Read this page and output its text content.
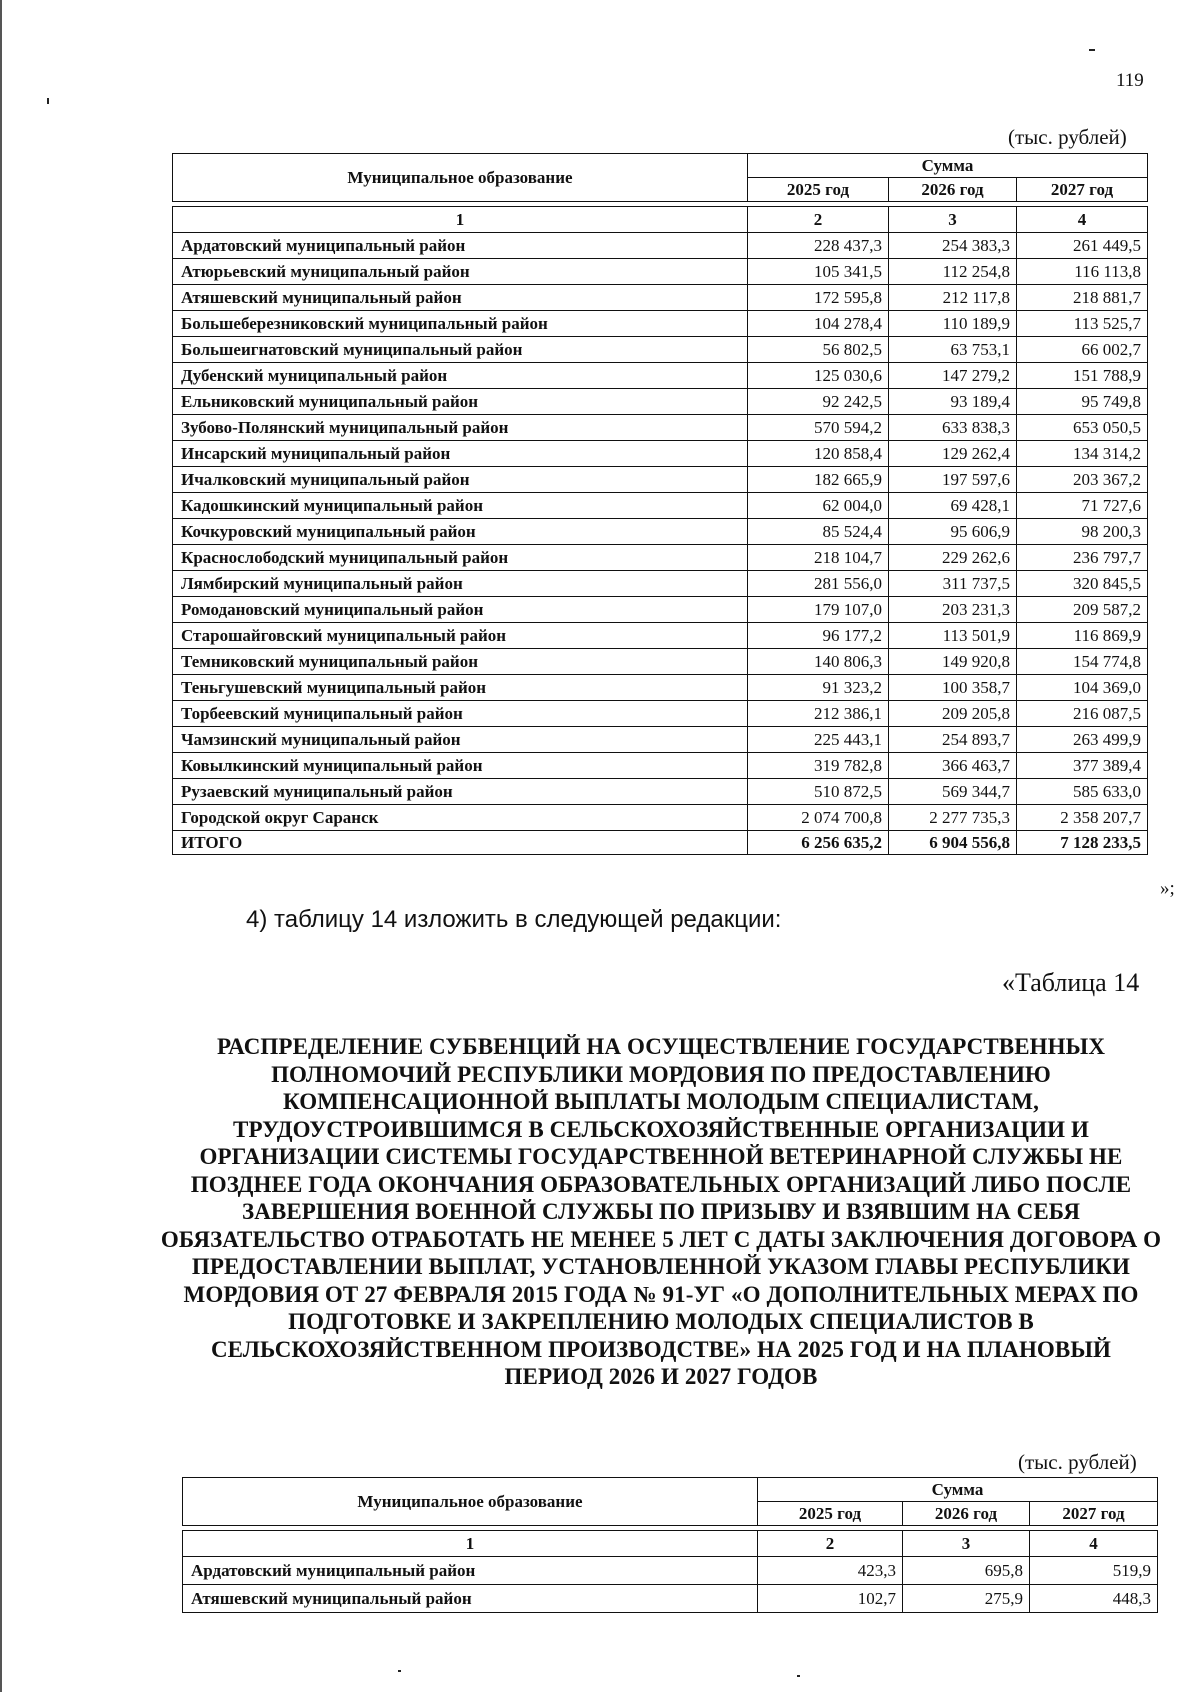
119
(тыс. рублей)
Муниципальное образование	Сумма		
	2025 год	2026 год	2027 год

1	2	3	4
Ардатовский муниципальный район	228 437,3	254 383,3	261 449,5
Атюрьевский муниципальный район	105 341,5	112 254,8	116 113,8
Атяшевский муниципальный район	172 595,8	212 117,8	218 881,7
Большеберезниковский муниципальный район	104 278,4	110 189,9	113 525,7
Большеигнатовский муниципальный район	56 802,5	63 753,1	66 002,7
Дубенский муниципальный район	125 030,6	147 279,2	151 788,9
Ельниковский муниципальный район	92 242,5	93 189,4	95 749,8
Зубово-Полянский муниципальный район	570 594,2	633 838,3	653 050,5
Инсарский муниципальный район	120 858,4	129 262,4	134 314,2
Ичалковский муниципальный район	182 665,9	197 597,6	203 367,2
Кадошкинский муниципальный район	62 004,0	69 428,1	71 727,6
Кочкуровский муниципальный район	85 524,4	95 606,9	98 200,3
Краснослободский муниципальный район	218 104,7	229 262,6	236 797,7
Лямбирский муниципальный район	281 556,0	311 737,5	320 845,5
Ромодановский муниципальный район	179 107,0	203 231,3	209 587,2
Старошайговский муниципальный район	96 177,2	113 501,9	116 869,9
Темниковский муниципальный район	140 806,3	149 920,8	154 774,8
Теньгушевский муниципальный район	91 323,2	100 358,7	104 369,0
Торбеевский муниципальный район	212 386,1	209 205,8	216 087,5
Чамзинский муниципальный район	225 443,1	254 893,7	263 499,9
Ковылкинский муниципальный район	319 782,8	366 463,7	377 389,4
Рузаевский муниципальный район	510 872,5	569 344,7	585 633,0
Городской округ Саранск	2 074 700,8	2 277 735,3	2 358 207,7
ИТОГО	6 256 635,2	6 904 556,8	7 128 233,5
»;
4) таблицу 14 изложить в следующей редакции:
«Таблица 14
РАСПРЕДЕЛЕНИЕ СУБВЕНЦИЙ НА ОСУЩЕСТВЛЕНИЕ ГОСУДАРСТВЕННЫХ ПОЛНОМОЧИЙ РЕСПУБЛИКИ МОРДОВИЯ ПО ПРЕДОСТАВЛЕНИЮ КОМПЕНСАЦИОННОЙ ВЫПЛАТЫ МОЛОДЫМ СПЕЦИАЛИСТАМ, ТРУДОУСТРОИВШИМСЯ В СЕЛЬСКОХОЗЯЙСТВЕННЫЕ ОРГАНИЗАЦИИ И ОРГАНИЗАЦИИ СИСТЕМЫ ГОСУДАРСТВЕННОЙ ВЕТЕРИНАРНОЙ СЛУЖБЫ НЕ ПОЗДНЕЕ ГОДА ОКОНЧАНИЯ ОБРАЗОВАТЕЛЬНЫХ ОРГАНИЗАЦИЙ ЛИБО ПОСЛЕ ЗАВЕРШЕНИЯ ВОЕННОЙ СЛУЖБЫ ПО ПРИЗЫВУ И ВЗЯВШИМ НА СЕБЯ ОБЯЗАТЕЛЬСТВО ОТРАБОТАТЬ НЕ МЕНЕЕ 5 ЛЕТ С ДАТЫ ЗАКЛЮЧЕНИЯ ДОГОВОРА О ПРЕДОСТАВЛЕНИИ ВЫПЛАТ, УСТАНОВЛЕННОЙ УКАЗОМ ГЛАВЫ РЕСПУБЛИКИ МОРДОВИЯ ОТ 27 ФЕВРАЛЯ 2015 ГОДА № 91-УГ «О ДОПОЛНИТЕЛЬНЫХ МЕРАХ ПО ПОДГОТОВКЕ И ЗАКРЕПЛЕНИЮ МОЛОДЫХ СПЕЦИАЛИСТОВ В СЕЛЬСКОХОЗЯЙСТВЕННОМ ПРОИЗВОДСТВЕ» НА 2025 ГОД И НА ПЛАНОВЫЙ ПЕРИОД 2026 И 2027 ГОДОВ
(тыс. рублей)
Муниципальное образование	Сумма		
	2025 год	2026 год	2027 год

1	2	3	4
Ардатовский муниципальный район	423,3	695,8	519,9
Атяшевский муниципальный район	102,7	275,9	448,3
